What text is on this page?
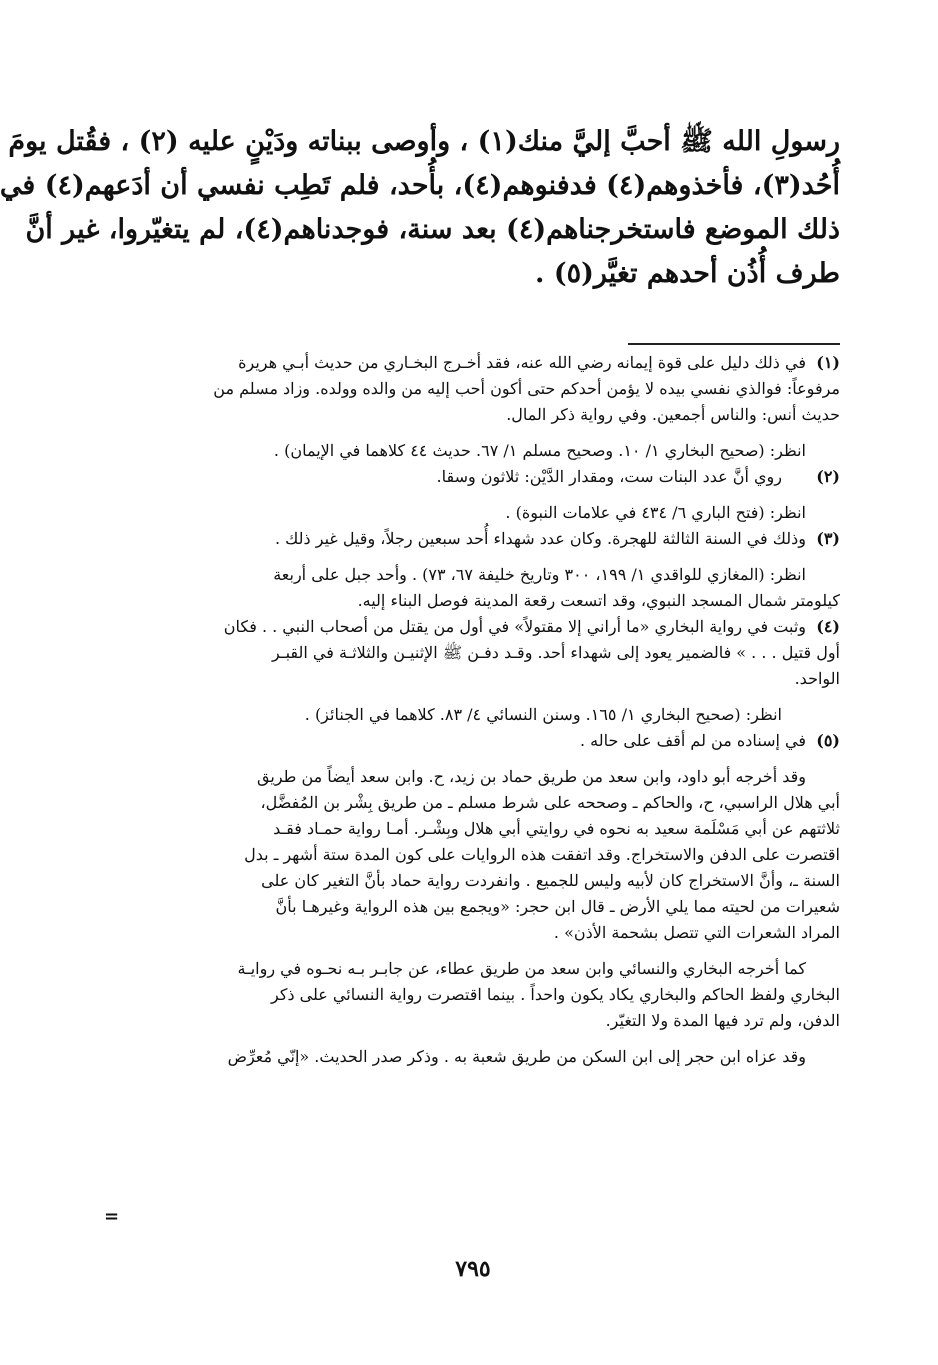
رسولِ الله ﷺ أحبَّ إليَّ منك(١) ، وأوصى ببناته ودَيْنٍ عليه (٢) ، فقُتل يومَ
أُحُد(٣)، فأخذوهم(٤) فدفنوهم(٤)، بأُحد، فلم تَطِب نفسي أن أدَعهم(٤) في
ذلك الموضع فاستخرجناهم(٤) بعد سنة، فوجدناهم(٤)، لم يتغيّروا، غير أنَّ
طرف أُذُن أحدهم تغيَّر(٥) .
(١)
في ذلك دليل على قوة إيمانه رضي الله عنه، فقد أخـرج البخـاري من حديث أبـي هريرة
مرفوعاً: فوالذي نفسي بيده لا يؤمن أحدكم حتى أكون أحب إليه من والده وولده. وزاد مسلم من
حديث أنس: والناس أجمعين. وفي رواية ذكر المال.
انظر: (صحيح البخاري ١/ ١٠. وصحيح مسلم ١/ ٦٧. حديث ٤٤ كلاهما في الإيمان) .
(٢)
روي أنَّ عدد البنات ست، ومقدار الدَّيْن: ثلاثون وسقا.
انظر: (فتح الباري ٦/ ٤٣٤ في علامات النبوة) .
(٣)
وذلك في السنة الثالثة للهجرة. وكان عدد شهداء أُحد سبعين رجلاً، وقيل غير ذلك .
انظر: (المغازي للواقدي ١/ ١٩٩، ٣٠٠ وتاريخ خليفة ٦٧، ٧٣) . وأحد جبل على أربعة
كيلومتر شمال المسجد النبوي، وقد اتسعت رقعة المدينة فوصل البناء إليه.
(٤)
وثبت في رواية البخاري «ما أراني إلا مقتولاً» في أول من يقتل من أصحاب النبي . . فكان
أول قتيل . . . » فالضمير يعود إلى شهداء أحد. وقـد دفـن ﷺ الإثنيـن والثلاثـة في القبـر
الواحد.
انظر: (صحيح البخاري ١/ ١٦٥. وسنن النسائي ٤/ ٨٣. كلاهما في الجنائز) .
(٥)
في إسناده من لم أقف على حاله .
وقد أخرجه أبو داود، وابن سعد من طريق حماد بن زيد، ح. وابن سعد أيضاً من طريق
أبي هلال الراسبي، ح، والحاكم ـ وصححه على شرط مسلم ـ من طريق بِشْر بن المُفضَّل،
ثلاثتهم عن أبي مَسْلَمة سعيد به نحوه في روايتي أبي هلال وبِشْـر. أمـا رواية حمـاد فقـد
اقتصرت على الدفن والاستخراج. وقد اتفقت هذه الروايات على كون المدة ستة أشهر ـ بدل
السنة ـ، وأنَّ الاستخراج كان لأبيه وليس للجميع . وانفردت رواية حماد بأنَّ التغير كان على
شعيرات من لحيته مما يلي الأرض ـ قال ابن حجر: «ويجمع بين هذه الرواية وغيرهـا بأنَّ
المراد الشعرات التي تتصل بشحمة الأذن» .
كما أخرجه البخاري والنسائي وابن سعد من طريق عطاء، عن جابـر بـه نحـوه في روايـة
البخاري ولفظ الحاكم والبخاري يكاد يكون واحداً . بينما اقتصرت رواية النسائي على ذكر
الدفن، ولم ترد فيها المدة ولا التغيّر.
وقد عزاه ابن حجر إلى ابن السكن من طريق شعبة به . وذكر صدر الحديث. «إنّي مُعرِّض
=
٧٩٥
